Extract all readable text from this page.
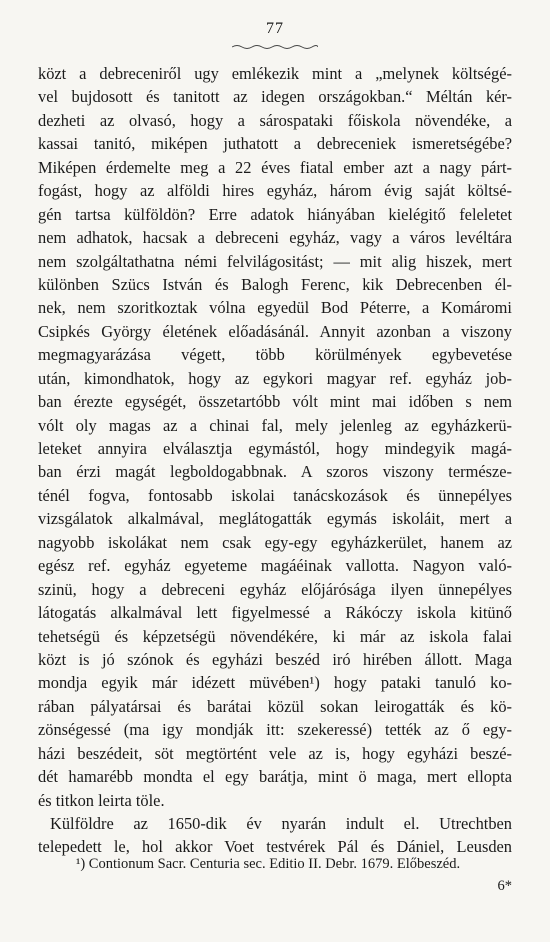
77
közt a debreceniről ugy emlékezik mint a „melynek költségé-
vel bujdosott és tanitott az idegen országokban.“ Méltán kér-
dezheti az olvasó, hogy a sárospataki főiskola növendéke, a
kassai tanitó, miképen juthatott a debreceniek ismeretségébe?
Miképen érdemelte meg a 22 éves fiatal ember azt a nagy párt-
fogást, hogy az alföldi hires egyház, három évig saját költsé-
gén tartsa külföldön? Erre adatok hiányában kielégitő feleletet
nem adhatok, hacsak a debreceni egyház, vagy a város levéltára
nem szolgáltathatna némi felvilágositást; — mit alig hiszek, mert
különben Szücs István és Balogh Ferenc, kik Debrecenben él-
nek, nem szoritkoztak vólna egyedül Bod Péterre, a Komáromi
Csipkés György életének előadásánál. Annyit azonban a viszony
megmagyarázása végett, több körülmények egybevetése
után, kimondhatok, hogy az egykori magyar ref. egyház job-
ban érezte egységét, összetartóbb vólt mint mai időben s nem
vólt oly magas az a chinai fal, mely jelenleg az egyházkerü-
leteket annyira elválasztja egymástól, hogy mindegyik magá-
ban érzi magát legboldogabbnak. A szoros viszony természe-
ténél fogva, fontosabb iskolai tanácskozások és ünnepélyes
vizsgálatok alkalmával, meglátogatták egymás iskoláit, mert a
nagyobb iskolákat nem csak egy-egy egyházkerület, hanem az
egész ref. egyház egyeteme magáéinak vallotta. Nagyon való-
szinü, hogy a debreceni egyház előjárósága ilyen ünnepélyes
látogatás alkalmával lett figyelmessé a Rákóczy iskola kitünő
tehetségü és képzetségü növendékére, ki már az iskola falai
közt is jó szónok és egyházi beszéd iró hirében állott. Maga
mondja egyik már idézett müvében¹) hogy pataki tanuló ko-
rában pályatársai és barátai közül sokan leirogatták és kö-
zönségessé (ma igy mondják itt: szekeressé) tették az ő egy-
házi beszédeit, söt megtörtént vele az is, hogy egyházi beszé-
dét hamarébb mondta el egy barátja, mint ö maga, mert ellopta
és titkon leirta töle.
Külföldre az 1650-dik év nyarán indult el. Utrechtben
telepedett le, hol akkor Voet testvérek Pál és Dániel, Leusden
¹) Contionum Sacr. Centuria sec. Editio II. Debr. 1679. Előbeszéd.
6*
